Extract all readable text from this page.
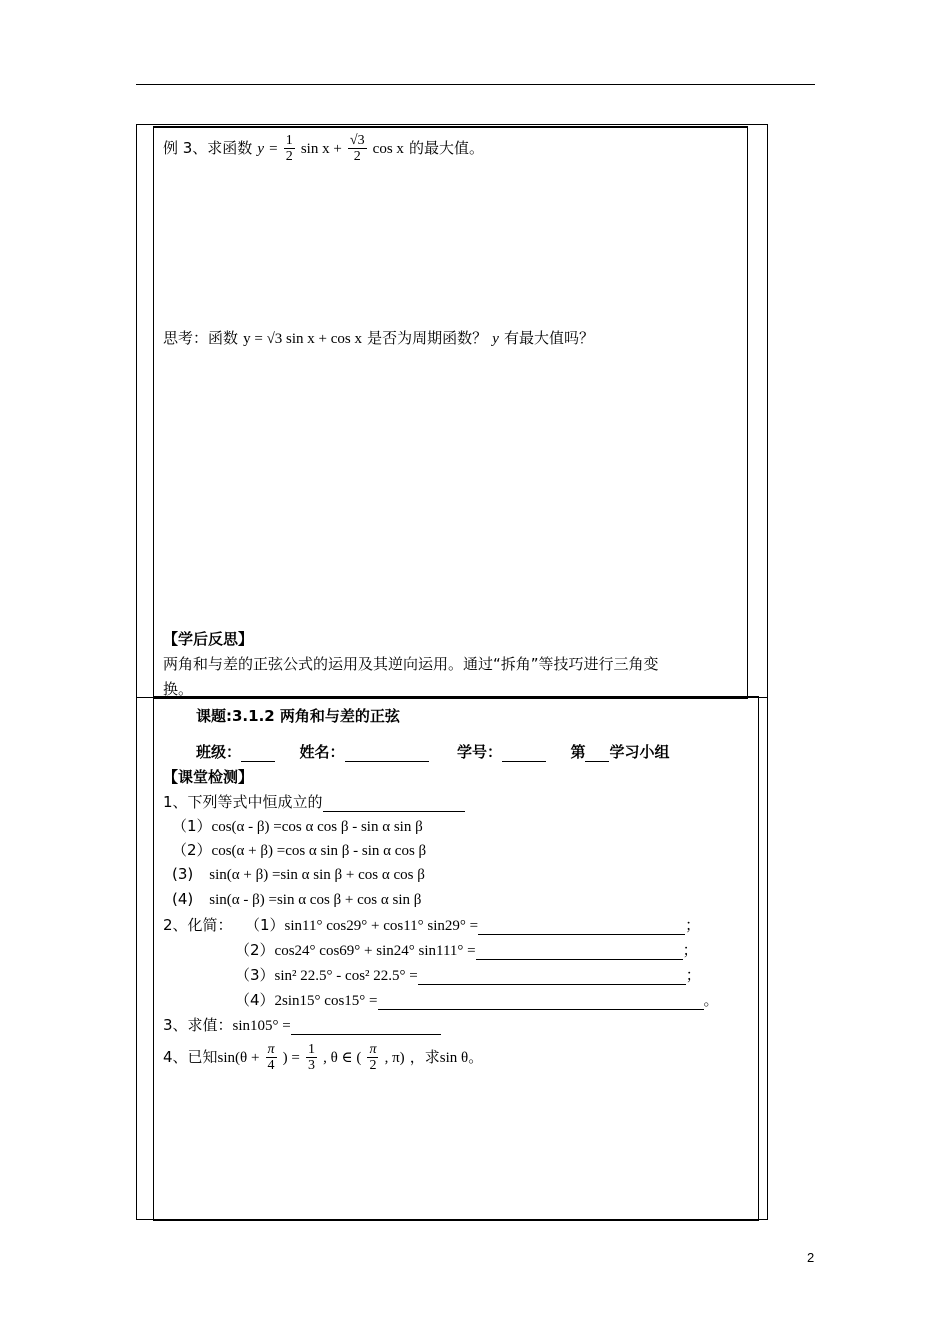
例 3、求函数 $y = \frac{1}{2}$ $\sin x + \frac{√3}{2}$ cos x 的最大值。
思考：函数 y = √3 sin x + cos x 是否为周期函数？ y 有最大值吗？
【学后反思】
两角和与差的正弦公式的运用及其逆向运用。通过“拆角”等技巧进行三角变
换。
课题:3.1.2 两角和与差的正弦
班级：	姓名：	学号：	第 学习小组
【课堂检测】
1、下列等式中恒成立的
（1）cos(α - β) =cos α cos β - sin α sin β
（2）cos(α + β) =cos α sin β - sin α cos β
(3) sin(α + β) =sin α sin β + cos α cos β
(4) sin(α - β) =sin α cos β + cos α sin β
2、化简： （1）sin11° cos29° + cos11° sin29° =	；
（2）cos24° cos69° + sin24° sin111° =	；
（3）sin² 22.5° - cos² 22.5° =	；
（4）2sin15° cos15° =	。
3、求值：sin105° =
4、已知$\sin(\theta + \frac{\pi}{4}$ ) = $\frac{1}{3}$ , θ ∈ ( $\frac{\pi}{2}$ , π) ，求sin θ。
2
